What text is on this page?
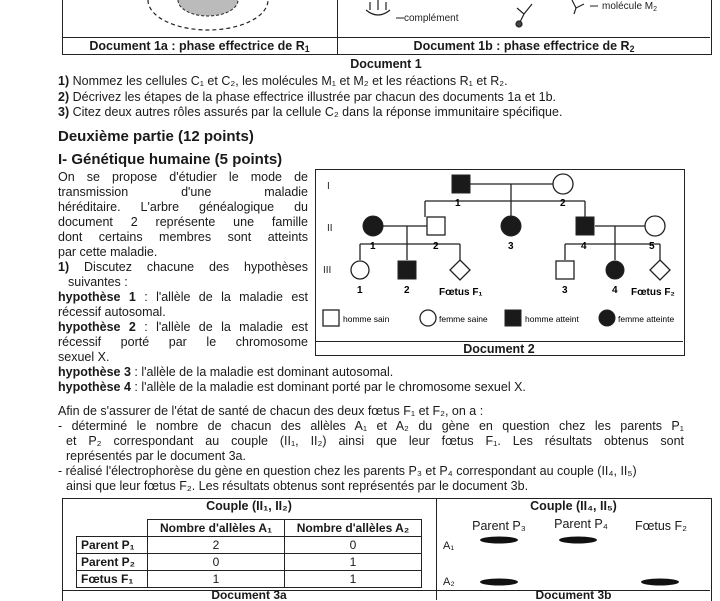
complément
molécule $M_2$
Document 1a : phase effectrice de $R_1$	Document 1b : phase effectrice de $R_2$
Document 1
1) Nommez les cellules C₁ et C₂, les molécules M₁ et M₂ et les réactions R₁ et R₂.
2) Décrivez les étapes de la phase effectrice illustrée par chacun des documents 1a et 1b.
3) Citez deux autres rôles assurés par la cellule C₂ dans la réponse immunitaire spécifique.
Deuxième partie (12 points)
I- Génétique humaine (5 points)
On se propose d'étudier le mode de
transmission d'une maladie
héréditaire. L'arbre généalogique du
document 2 représente une famille
dont certains membres sont atteints
par cette maladie.
1) Discutez chacune des hypothèses
suivantes :
hypothèse 1 : l'allèle de la maladie est
récessif autosomal.
hypothèse 2 : l'allèle de la maladie est
récessif porté par le chromosome
sexuel X.
hypothèse 3 : l'allèle de la maladie est dominant autosomal.
hypothèse 4 : l'allèle de la maladie est dominant porté par le chromosome sexuel X.
I
II
III
1	2
1	2	3	4	5
1	2	Fœtus F₁	3	4 Fœtus F₂
homme sain	femme saine	homme atteint	femme atteinte
Document 2
Afin de s'assurer de l'état de santé de chacun des deux fœtus F₁ et F₂, on a :
- déterminé le nombre de chacun des allèles A₁ et A₂ du gène en question chez les parents P₁
et P₂ correspondant au couple (II₁, II₂) ainsi que leur fœtus F₁. Les résultats obtenus sont
représentés par le document 3a.
- réalisé l'électrophorèse du gène en question chez les parents P₃ et P₄ correspondant au couple (II₄, II₅)
ainsi que leur fœtus F₂. Les résultats obtenus sont représentés par le document 3b.
Couple (II₁, II₂)
	Nombre d'allèles A₁	Nombre d'allèles A₂
Parent P₁	2	0
Parent P₂	0	1
Fœtus F₁	1	1
Document 3a
Couple (II₄, II₅)
Parent P₃	Parent P₄	Fœtus F₂
A₁
A₂
Document 3b
